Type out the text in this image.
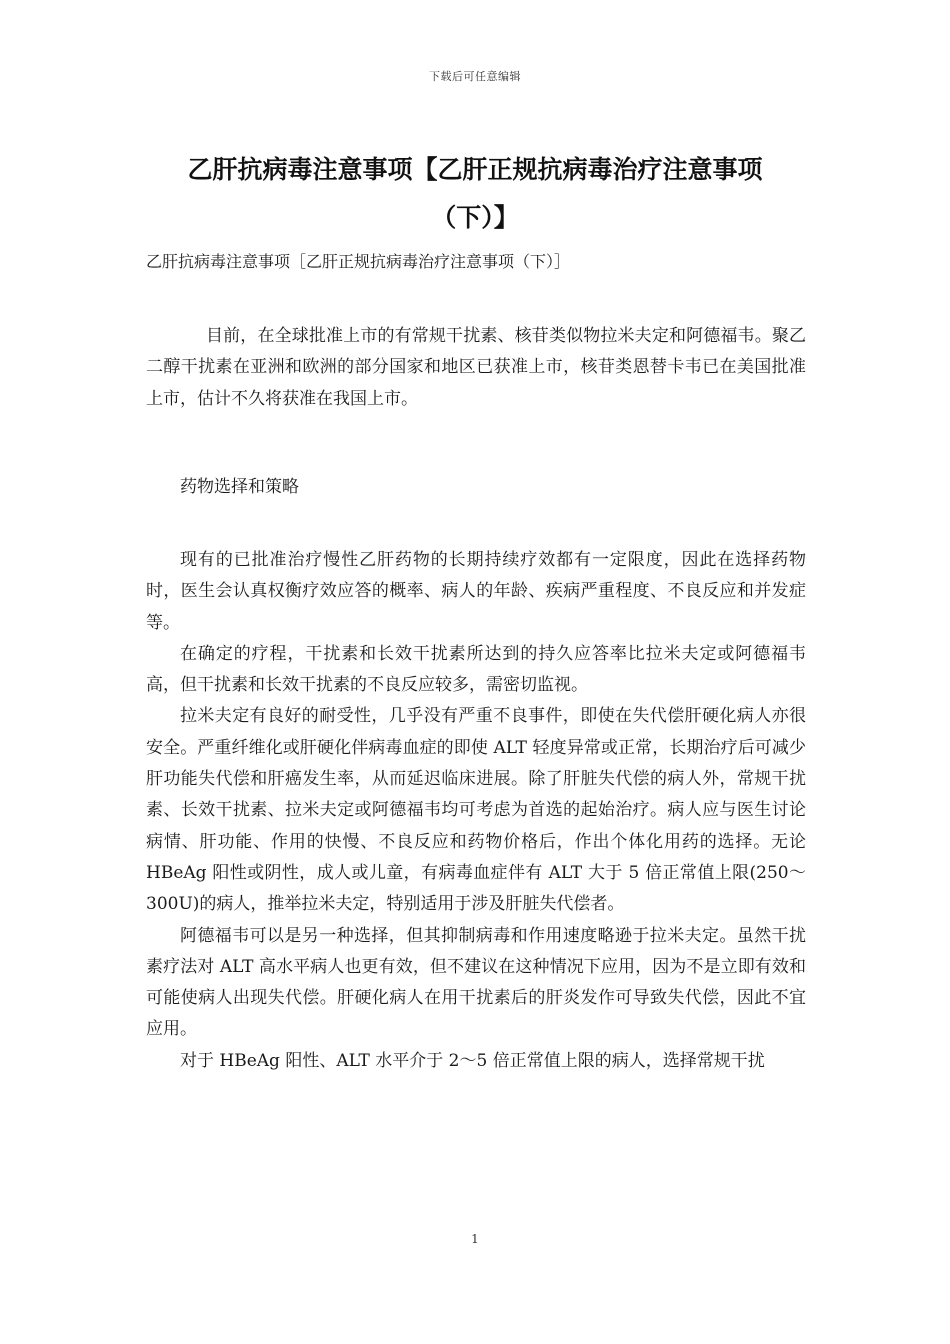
下载后可任意编辑
乙肝抗病毒注意事项【乙肝正规抗病毒治疗注意事项
（下）】
乙肝抗病毒注意事项［乙肝正规抗病毒治疗注意事项（下）］

目前，在全球批准上市的有常规干扰素、核苷类似物拉米夫定和阿德福韦。聚乙二醇干扰素在亚洲和欧洲的部分国家和地区已获准上市，核苷类恩替卡韦已在美国批准上市，估计不久将获准在我国上市。

药物选择和策略

现有的已批准治疗慢性乙肝药物的长期持续疗效都有一定限度，因此在选择药物时，医生会认真权衡疗效应答的概率、病人的年龄、疾病严重程度、不良反应和并发症等。

在确定的疗程，干扰素和长效干扰素所达到的持久应答率比拉米夫定或阿德福韦高，但干扰素和长效干扰素的不良反应较多，需密切监视。

拉米夫定有良好的耐受性，几乎没有严重不良事件，即使在失代偿肝硬化病人亦很安全。严重纤维化或肝硬化伴病毒血症的即使 ALT 轻度异常或正常，长期治疗后可减少肝功能失代偿和肝癌发生率，从而延迟临床进展。除了肝脏失代偿的病人外，常规干扰素、长效干扰素、拉米夫定或阿德福韦均可考虑为首选的起始治疗。病人应与医生讨论病情、肝功能、作用的快慢、不良反应和药物价格后，作出个体化用药的选择。无论 HBeAg 阳性或阴性，成人或儿童，有病毒血症伴有 ALT 大于 5 倍正常值上限(250～300U)的病人，推举拉米夫定，特别适用于涉及肝脏失代偿者。

阿德福韦可以是另一种选择，但其抑制病毒和作用速度略逊于拉米夫定。虽然干扰素疗法对 ALT 高水平病人也更有效，但不建议在这种情况下应用，因为不是立即有效和可能使病人出现失代偿。肝硬化病人在用干扰素后的肝炎发作可导致失代偿，因此不宜应用。

对于 HBeAg 阳性、ALT 水平介于 2～5 倍正常值上限的病人，选择常规干扰

1
